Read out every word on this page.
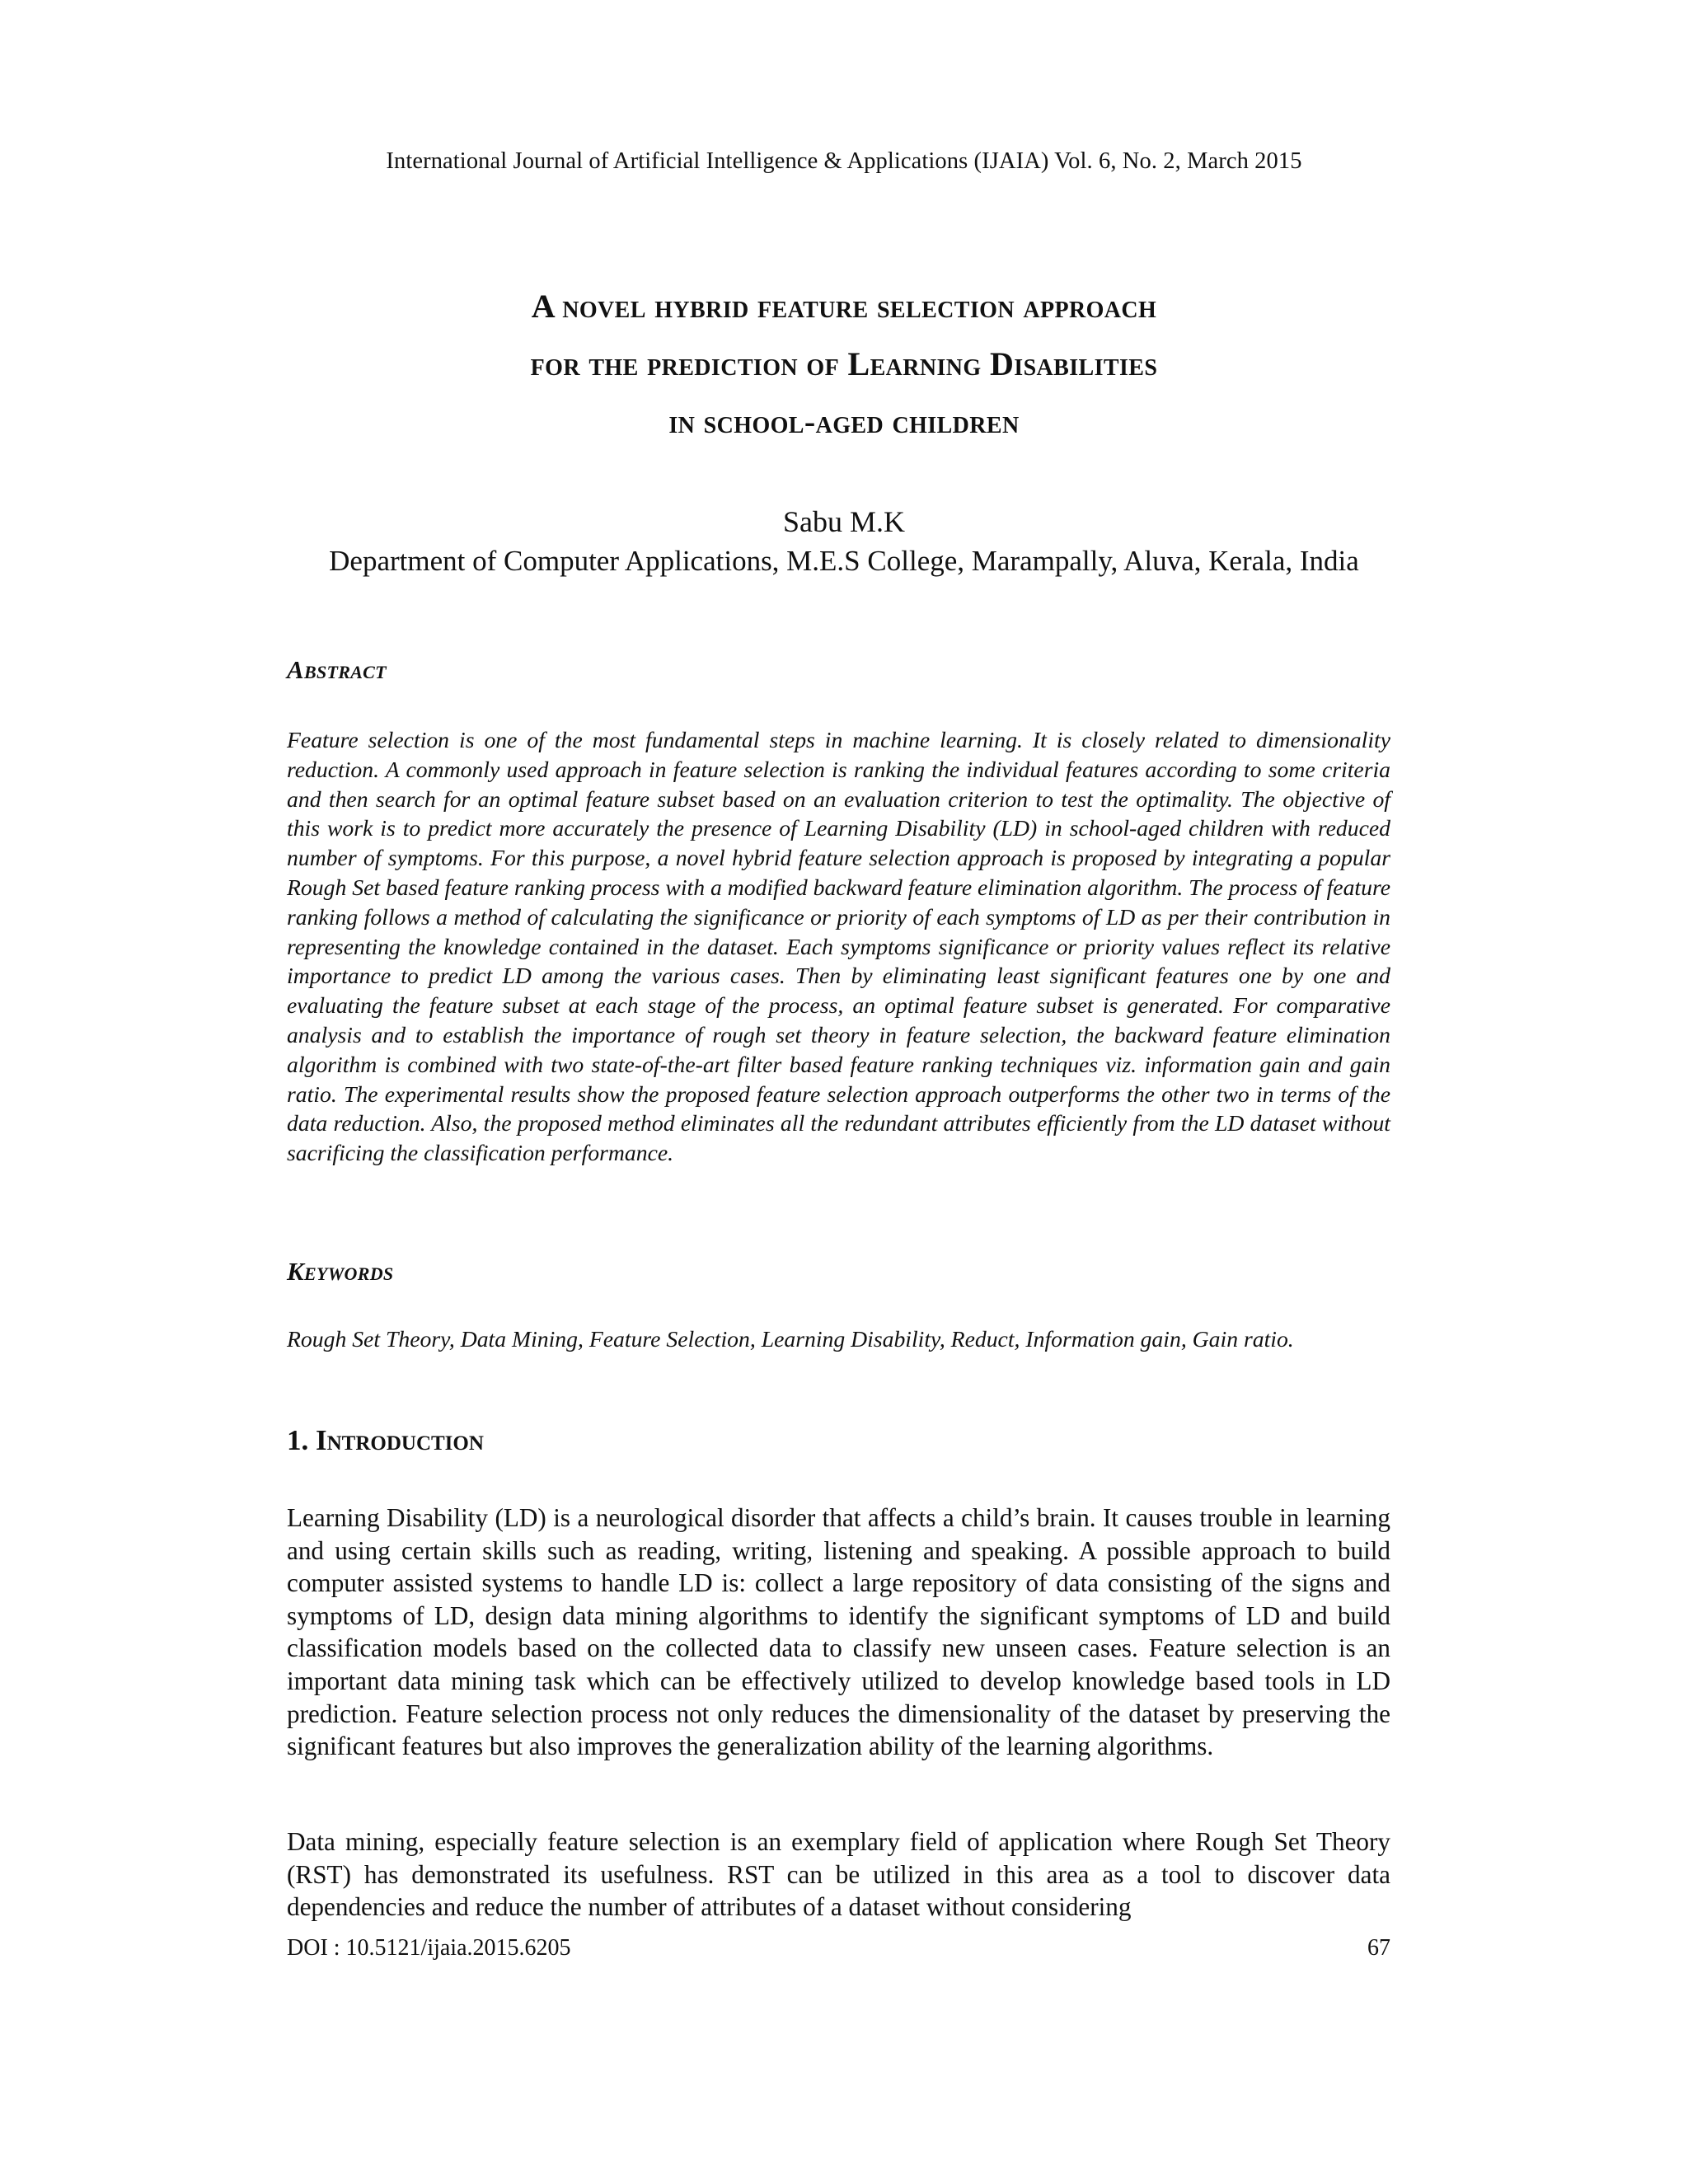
International Journal of Artificial Intelligence & Applications (IJAIA) Vol. 6, No. 2, March 2015
A novel hybrid feature selection approach
for the prediction of Learning Disabilities
in school-aged children
Sabu M.K
Department of Computer Applications, M.E.S College, Marampally, Aluva, Kerala, India
Abstract
Feature selection is one of the most fundamental steps in machine learning. It is closely related to dimensionality reduction. A commonly used approach in feature selection is ranking the individual features according to some criteria and then search for an optimal feature subset based on an evaluation criterion to test the optimality. The objective of this work is to predict more accurately the presence of Learning Disability (LD) in school-aged children with reduced number of symptoms. For this purpose, a novel hybrid feature selection approach is proposed by integrating a popular Rough Set based feature ranking process with a modified backward feature elimination algorithm. The process of feature ranking follows a method of calculating the significance or priority of each symptoms of LD as per their contribution in representing the knowledge contained in the dataset. Each symptoms significance or priority values reflect its relative importance to predict LD among the various cases. Then by eliminating least significant features one by one and evaluating the feature subset at each stage of the process, an optimal feature subset is generated. For comparative analysis and to establish the importance of rough set theory in feature selection, the backward feature elimination algorithm is combined with two state-of-the-art filter based feature ranking techniques viz. information gain and gain ratio. The experimental results show the proposed feature selection approach outperforms the other two in terms of the data reduction. Also, the proposed method eliminates all the redundant attributes efficiently from the LD dataset without sacrificing the classification performance.
Keywords
Rough Set Theory, Data Mining, Feature Selection, Learning Disability, Reduct, Information gain, Gain ratio.
1. Introduction
Learning Disability (LD) is a neurological disorder that affects a child’s brain. It causes trouble in learning and using certain skills such as reading, writing, listening and speaking. A possible approach to build computer assisted systems to handle LD is: collect a large repository of data consisting of the signs and symptoms of LD, design data mining algorithms to identify the significant symptoms of LD and build classification models based on the collected data to classify new unseen cases. Feature selection is an important data mining task which can be effectively utilized to develop knowledge based tools in LD prediction. Feature selection process not only reduces the dimensionality of the dataset by preserving the significant features but also improves the generalization ability of the learning algorithms.
Data mining, especially feature selection is an exemplary field of application where Rough Set Theory (RST) has demonstrated its usefulness. RST can be utilized in this area as a tool to discover data dependencies and reduce the number of attributes of a dataset without considering
DOI : 10.5121/ijaia.2015.6205	67
